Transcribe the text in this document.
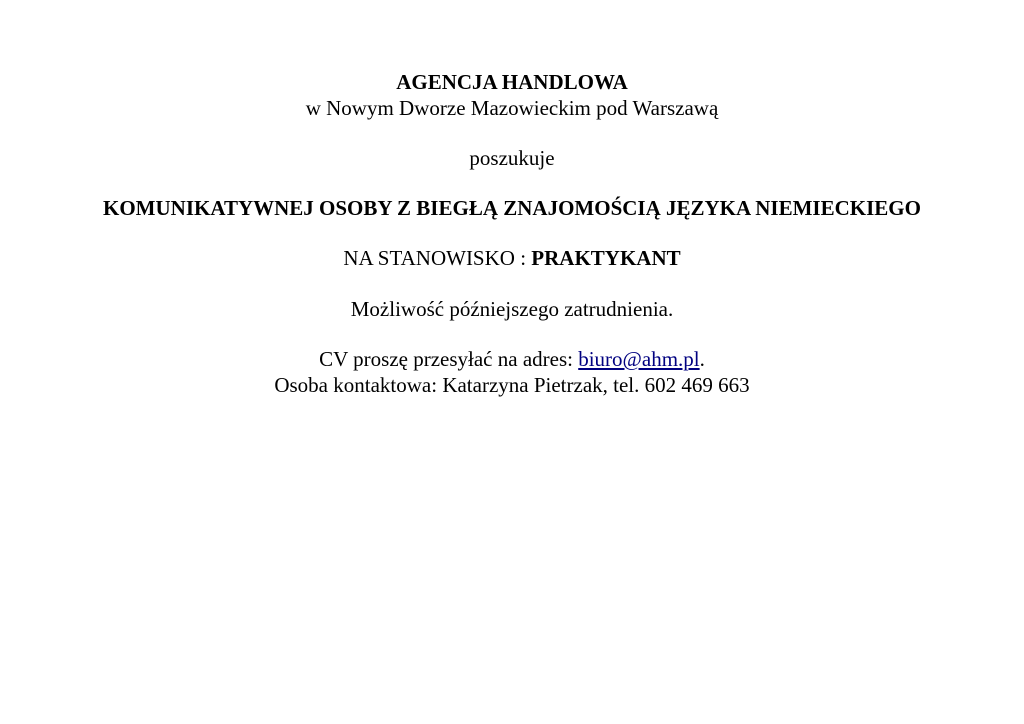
AGENCJA HANDLOWA
w Nowym Dworze Mazowieckim pod Warszawą
poszukuje
KOMUNIKATYWNEJ OSOBY Z BIEGŁĄ ZNAJOMOŚCIĄ JĘZYKA NIEMIECKIEGO
NA STANOWISKO : PRAKTYKANT
Możliwość późniejszego zatrudnienia.
CV proszę przesyłać na adres: biuro@ahm.pl.
Osoba kontaktowa: Katarzyna Pietrzak, tel. 602 469 663
